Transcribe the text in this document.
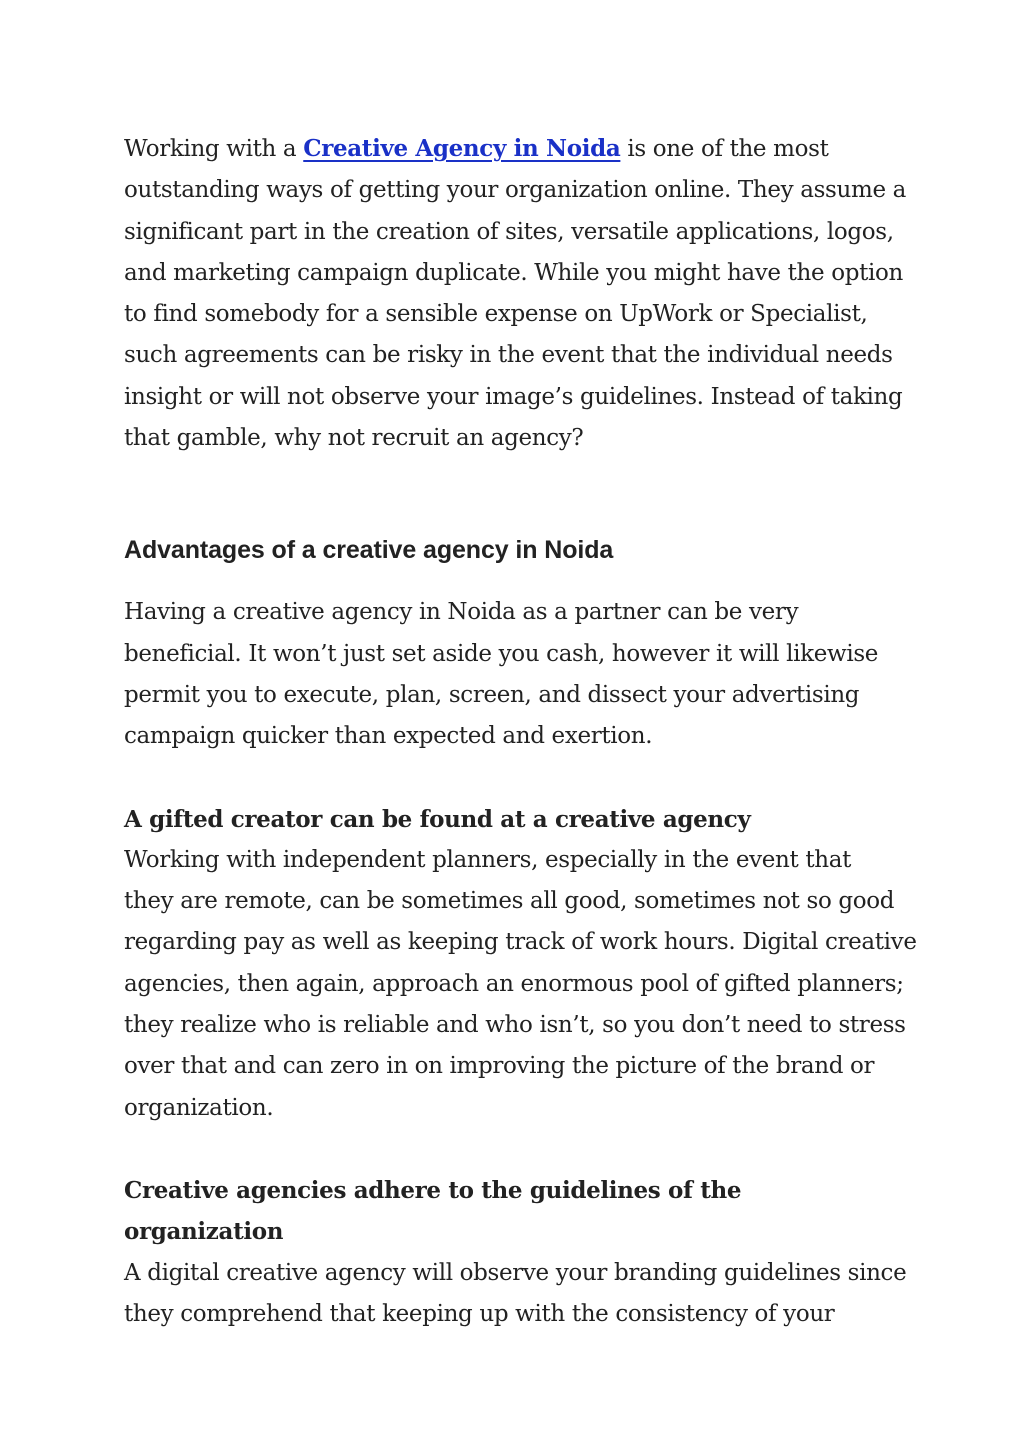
Working with a Creative Agency in Noida is one of the most
outstanding ways of getting your organization online. They assume a
significant part in the creation of sites, versatile applications, logos,
and marketing campaign duplicate. While you might have the option
to find somebody for a sensible expense on UpWork or Specialist,
such agreements can be risky in the event that the individual needs
insight or will not observe your image’s guidelines. Instead of taking
that gamble, why not recruit an agency?

Advantages of a creative agency in Noida

Having a creative agency in Noida as a partner can be very
beneficial. It won’t just set aside you cash, however it will likewise
permit you to execute, plan, screen, and dissect your advertising
campaign quicker than expected and exertion.

A gifted creator can be found at a creative agency

Working with independent planners, especially in the event that
they are remote, can be sometimes all good, sometimes not so good
regarding pay as well as keeping track of work hours. Digital creative
agencies, then again, approach an enormous pool of gifted planners;
they realize who is reliable and who isn’t, so you don’t need to stress
over that and can zero in on improving the picture of the brand or
organization.

Creative agencies adhere to the guidelines of the
organization

A digital creative agency will observe your branding guidelines since
they comprehend that keeping up with the consistency of your
